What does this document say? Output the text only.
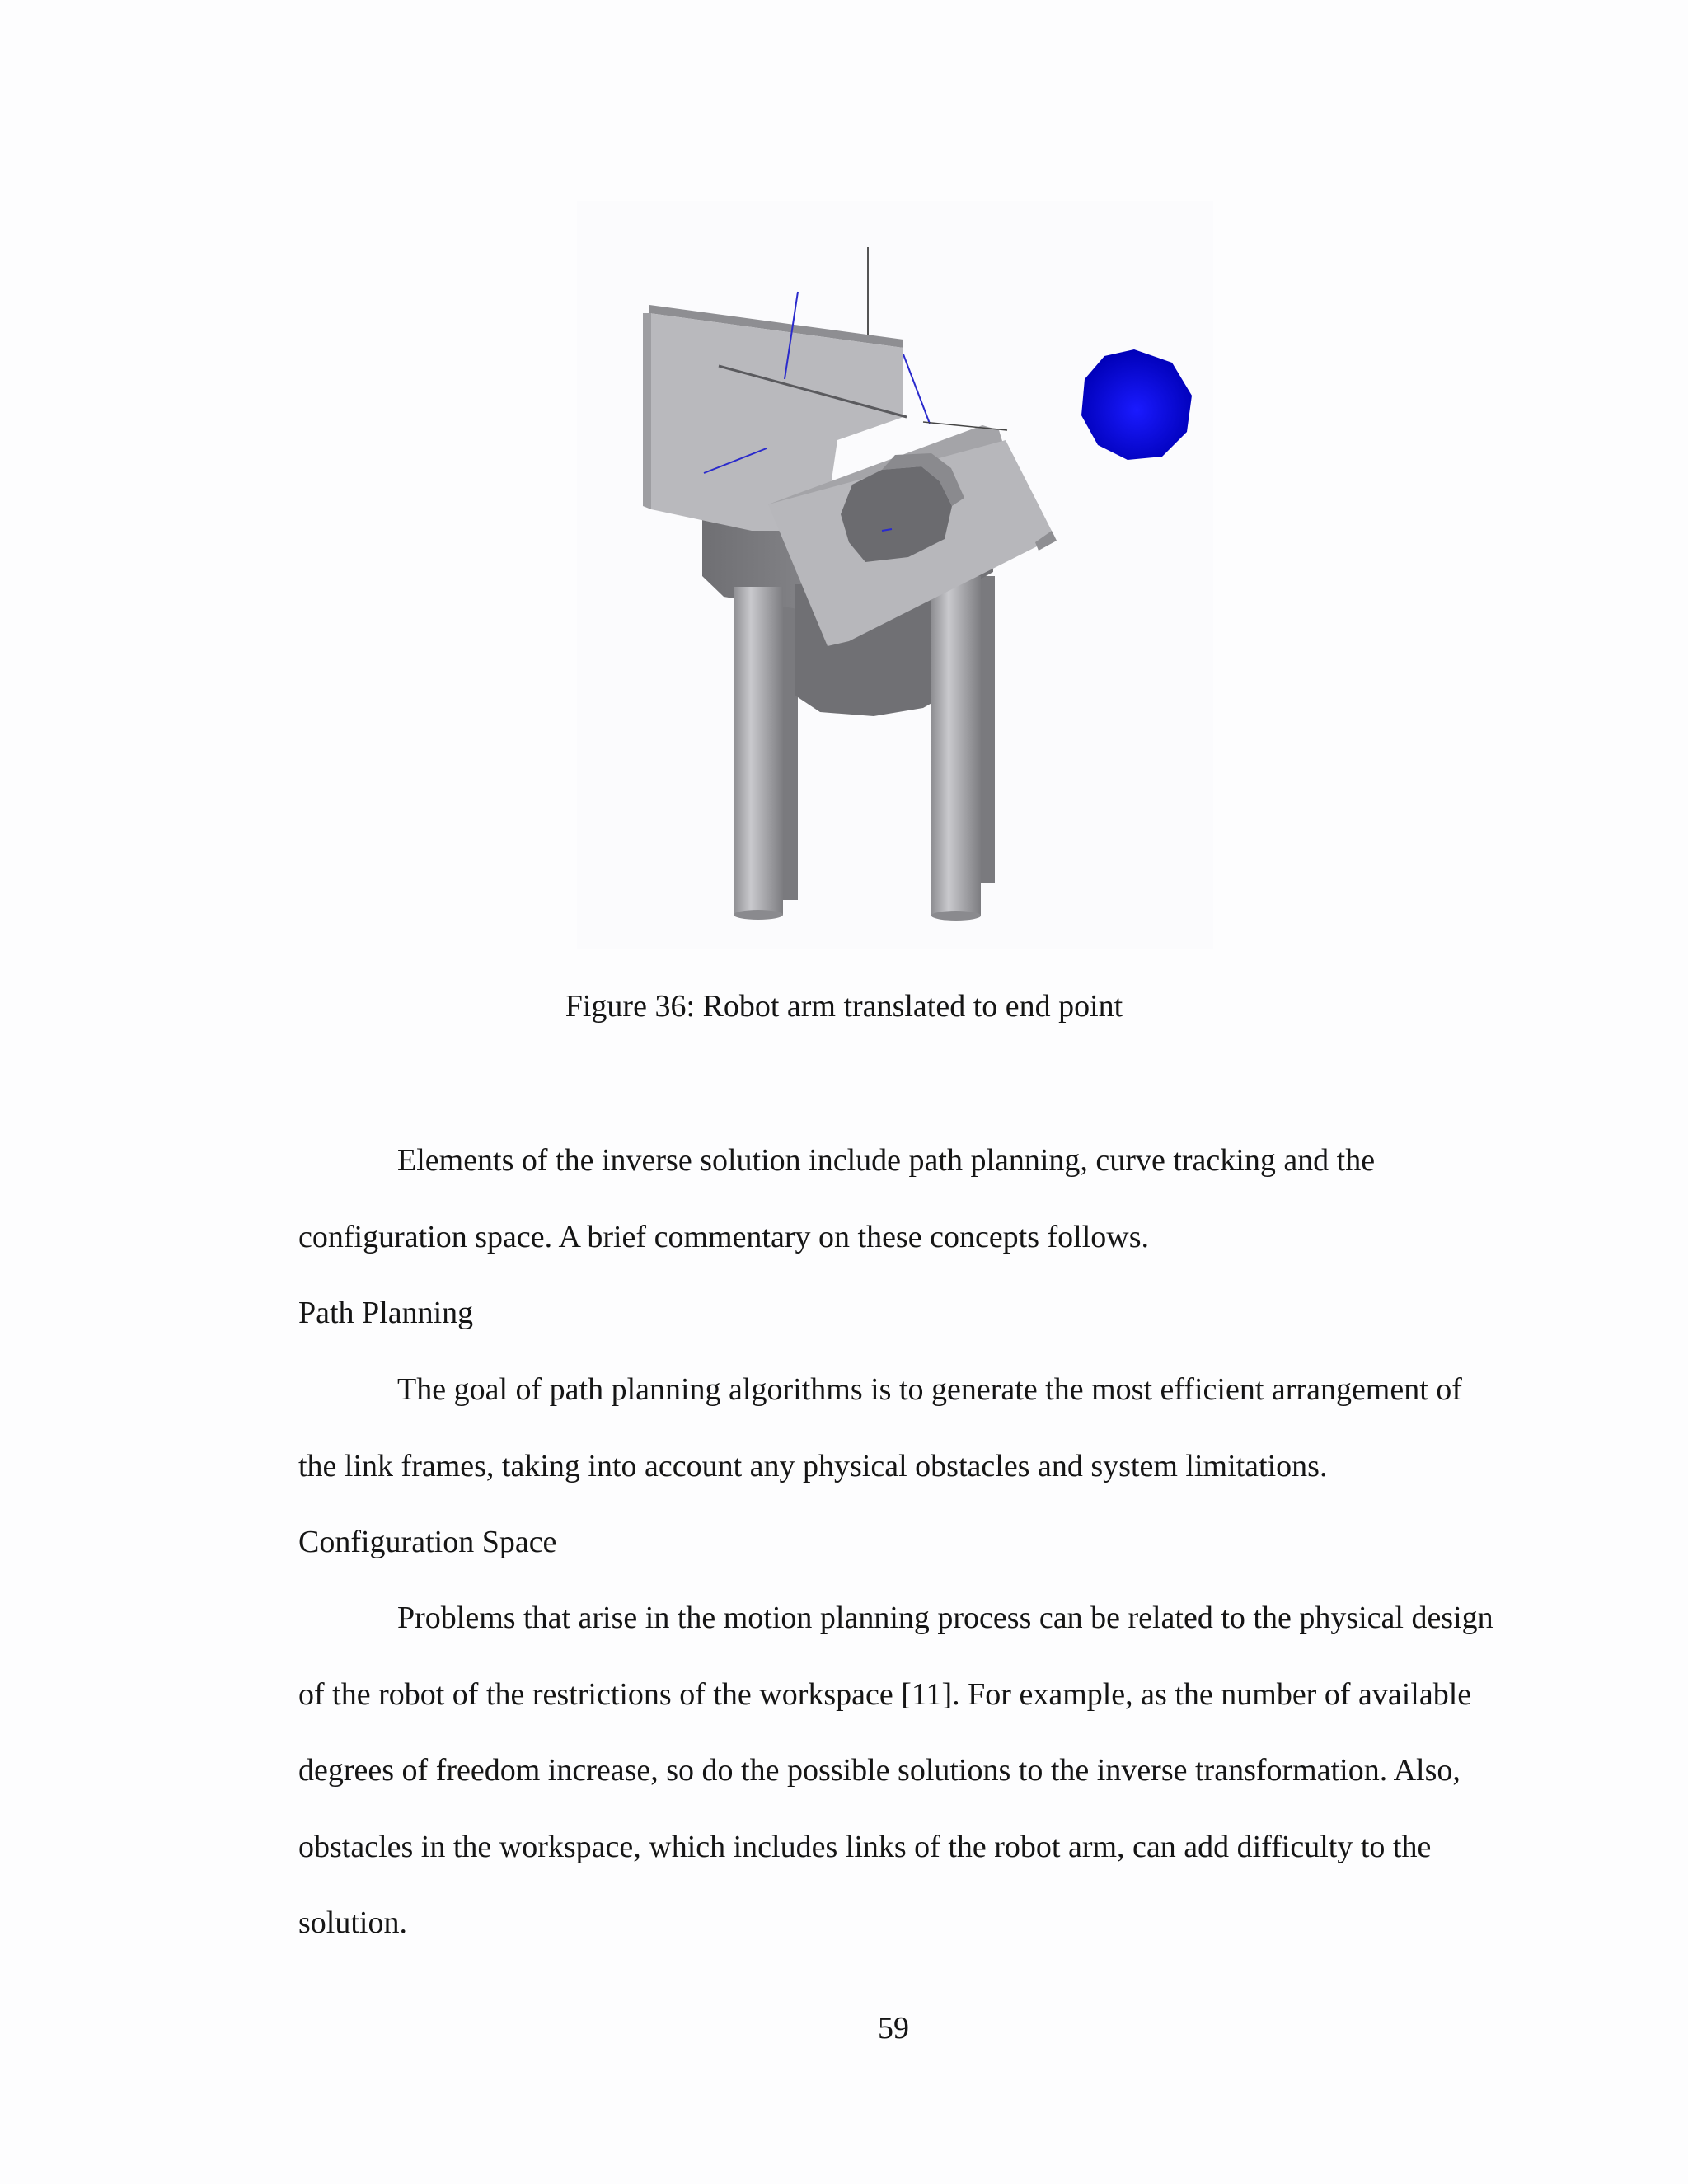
Figure 36: Robot arm translated to end point

Elements of the inverse solution include path planning, curve tracking and the configuration space. A brief commentary on these concepts follows.

Path Planning

The goal of path planning algorithms is to generate the most efficient arrangement of the link frames, taking into account any physical obstacles and system limitations.

Configuration Space

Problems that arise in the motion planning process can be related to the physical design of the robot of the restrictions of the workspace [11]. For example, as the number of available degrees of freedom increase, so do the possible solutions to the inverse transformation. Also, obstacles in the workspace, which includes links of the robot arm, can add difficulty to the solution.

59
